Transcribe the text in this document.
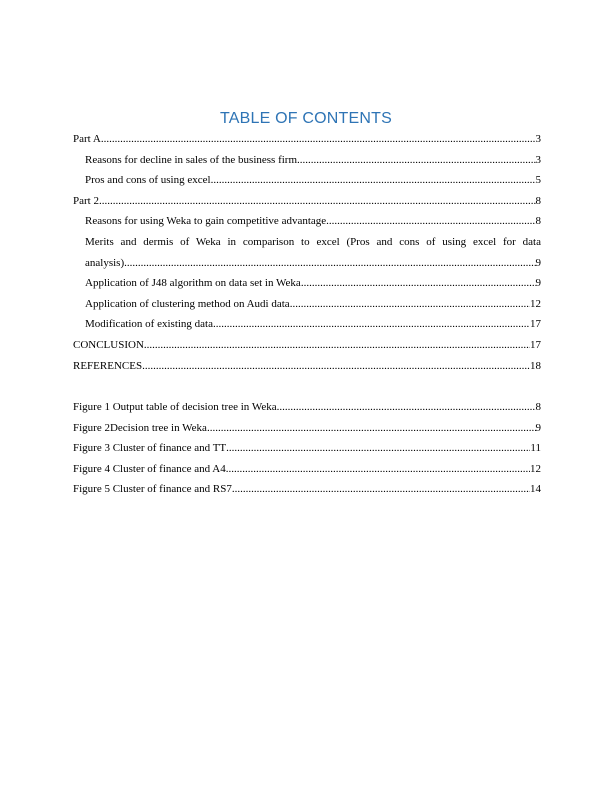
TABLE OF CONTENTS
Part A .....	3
Reasons for decline in sales of the business firm .....	3
Pros and cons of using excel .....	5
Part 2 .....	8
Reasons for using Weka to gain competitive advantage .....	8
Merits and dermis of Weka in comparison to excel (Pros and cons of using excel for data
analysis) .....	9
Application of J48 algorithm on data set in Weka .....	9
Application of clustering method on Audi data .....	12
Modification of existing data .....	17
CONCLUSION .....	17
REFERENCES .....	18
Figure 1 Output table of decision tree in Weka .....	8
Figure 2Decision tree in Weka .....	9
Figure 3 Cluster of finance and TT .....	11
Figure 4 Cluster of finance and A4 .....	12
Figure 5 Cluster of finance and RS7 .....	14
